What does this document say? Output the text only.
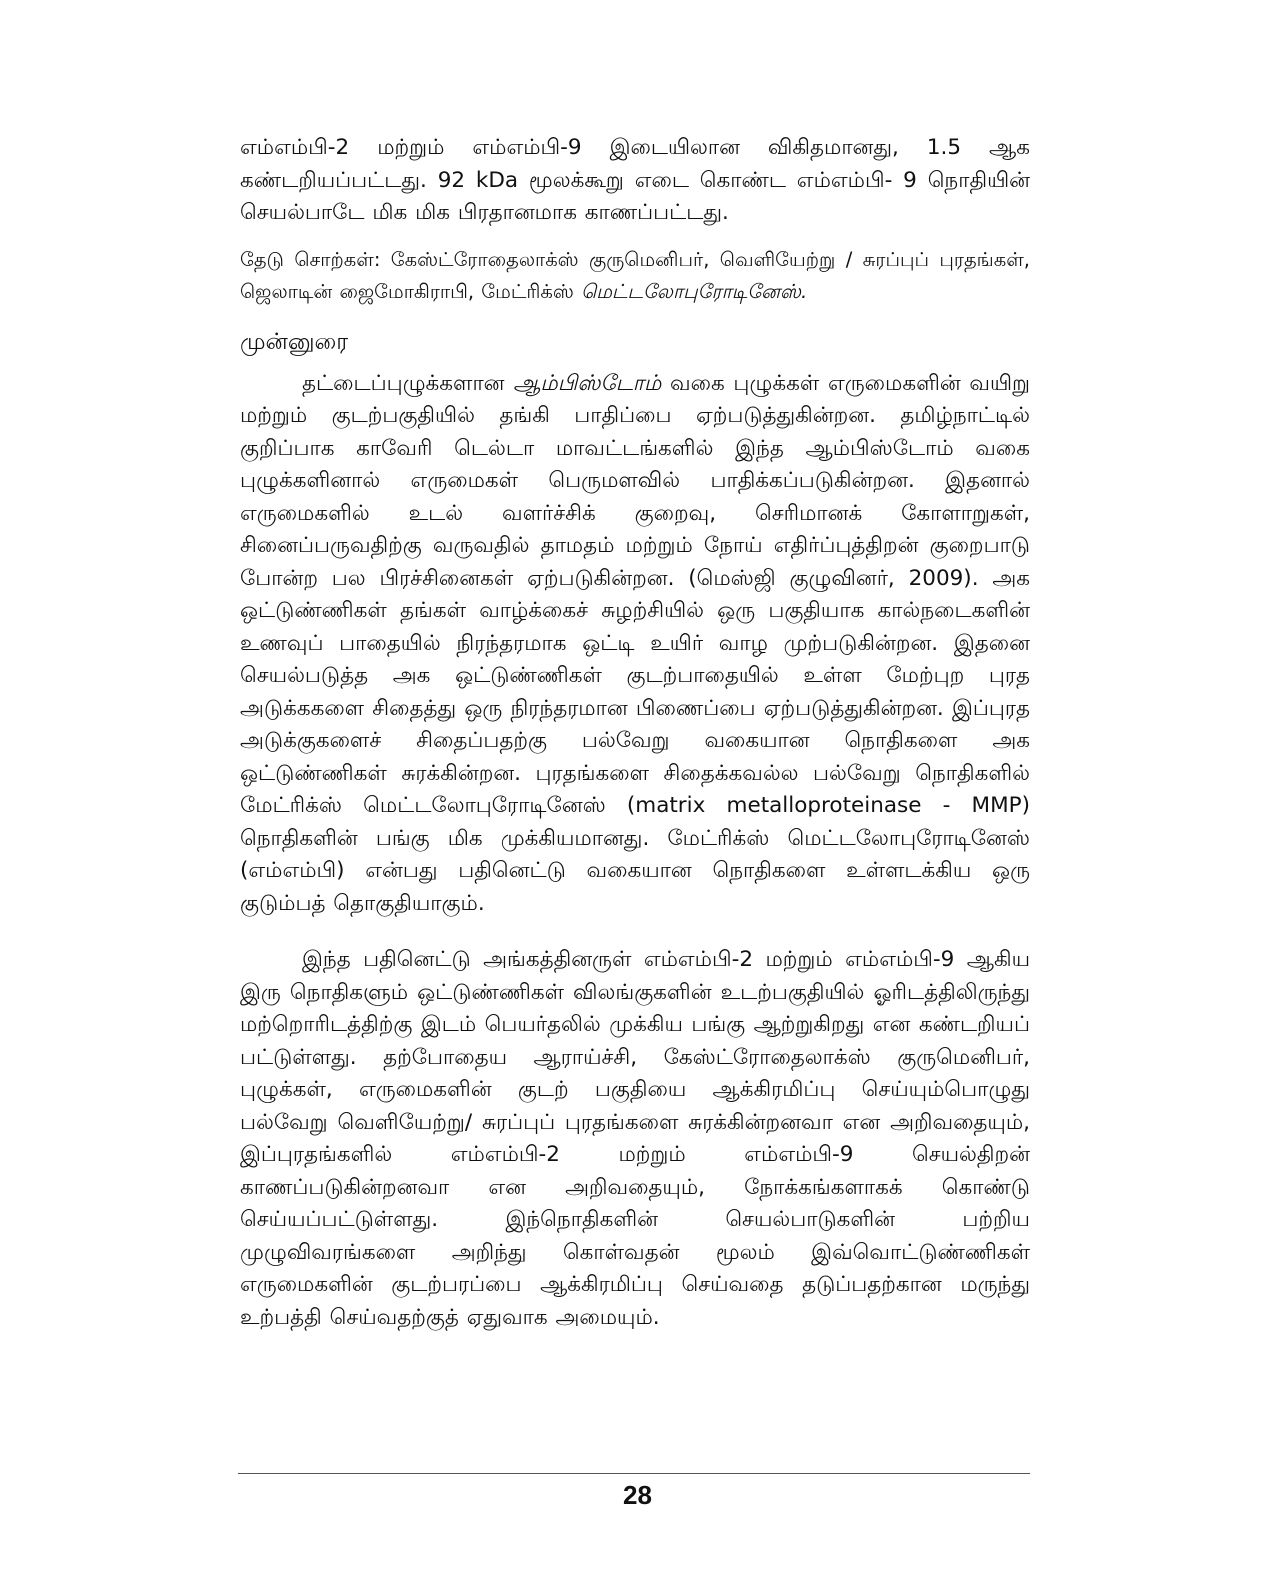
எம்எம்பி-2 மற்றும் எம்எம்பி-9 இடையிலான விகிதமானது, 1.5 ஆக கண்டறியப்பட்டது. 92 kDa மூலக்கூறு எடை கொண்ட எம்எம்பி- 9 நொதியின் செயல்பாடே மிக மிக பிரதானமாக காணப்பட்டது.

தேடு சொற்கள்: கேஸ்ட்ரோதைலாக்ஸ் குருமெனிபர், வெளியேற்று / சுரப்புப் புரதங்கள், ஜெலாடின் ஜைமோகிராபி, மேட்ரிக்ஸ் மெட்டலோபுரோடினேஸ்.

முன்னுரை

தட்டைப்புழுக்களான ஆம்பிஸ்டோம் வகை புழுக்கள் எருமைகளின் வயிறு மற்றும் குடற்பகுதியில் தங்கி பாதிப்பை ஏற்படுத்துகின்றன. தமிழ்நாட்டில் குறிப்பாக காவேரி டெல்டா மாவட்டங்களில் இந்த ஆம்பிஸ்டோம் வகை புழுக்களினால் எருமைகள் பெருமளவில் பாதிக்கப்படுகின்றன. இதனால் எருமைகளில் உடல் வளர்ச்சிக் குறைவு, செரிமானக் கோளாறுகள், சினைப்பருவதிற்கு வருவதில் தாமதம் மற்றும் நோய் எதிர்ப்புத்திறன் குறைபாடு போன்ற பல பிரச்சினைகள் ஏற்படுகின்றன. (மெஸ்ஜி குழுவினர், 2009). அக ஒட்டுண்ணிகள் தங்கள் வாழ்க்கைச் சுழற்சியில் ஒரு பகுதியாக கால்நடைகளின் உணவுப் பாதையில் நிரந்தரமாக ஒட்டி உயிர் வாழ முற்படுகின்றன. இதனை செயல்படுத்த அக ஒட்டுண்ணிகள் குடற்பாதையில் உள்ள மேற்புற புரத அடுக்ககளை சிதைத்து ஒரு நிரந்தரமான பிணைப்பை ஏற்படுத்துகின்றன. இப்புரத அடுக்குகளைச் சிதைப்பதற்கு பல்வேறு வகையான நொதிகளை அக ஒட்டுண்ணிகள் சுரக்கின்றன. புரதங்களை சிதைக்கவல்ல பல்வேறு நொதிகளில் மேட்ரிக்ஸ் மெட்டலோபுரோடினேஸ் (matrix metalloproteinase - MMP) நொதிகளின் பங்கு மிக முக்கியமானது. மேட்ரிக்ஸ் மெட்டலோபுரோடினேஸ் (எம்எம்பி) என்பது பதினெட்டு வகையான நொதிகளை உள்ளடக்கிய ஒரு குடும்பத் தொகுதியாகும்.

இந்த பதினெட்டு அங்கத்தினருள் எம்எம்பி-2 மற்றும் எம்எம்பி-9 ஆகிய இரு நொதிகளும் ஒட்டுண்ணிகள் விலங்குகளின் உடற்பகுதியில் ஓரிடத்திலிருந்து மற்றொரிடத்திற்கு இடம் பெயர்தலில் முக்கிய பங்கு ஆற்றுகிறது என கண்டறியப் பட்டுள்ளது. தற்போதைய ஆராய்ச்சி, கேஸ்ட்ரோதைலாக்ஸ் குருமெனிபர், புழுக்கள், எருமைகளின் குடற் பகுதியை ஆக்கிரமிப்பு செய்யும்பொழுது பல்வேறு வெளியேற்று/ சுரப்புப் புரதங்களை சுரக்கின்றனவா என அறிவதையும், இப்புரதங்களில் எம்எம்பி-2 மற்றும் எம்எம்பி-9 செயல்திறன் காணப்படுகின்றனவா என அறிவதையும், நோக்கங்களாகக் கொண்டு செய்யப்பட்டுள்ளது. இந்நொதிகளின் செயல்பாடுகளின் பற்றிய முழுவிவரங்களை அறிந்து கொள்வதன் மூலம் இவ்வொட்டுண்ணிகள் எருமைகளின் குடற்பரப்பை ஆக்கிரமிப்பு செய்வதை தடுப்பதற்கான மருந்து உற்பத்தி செய்வதற்குத் ஏதுவாக அமையும்.

28
